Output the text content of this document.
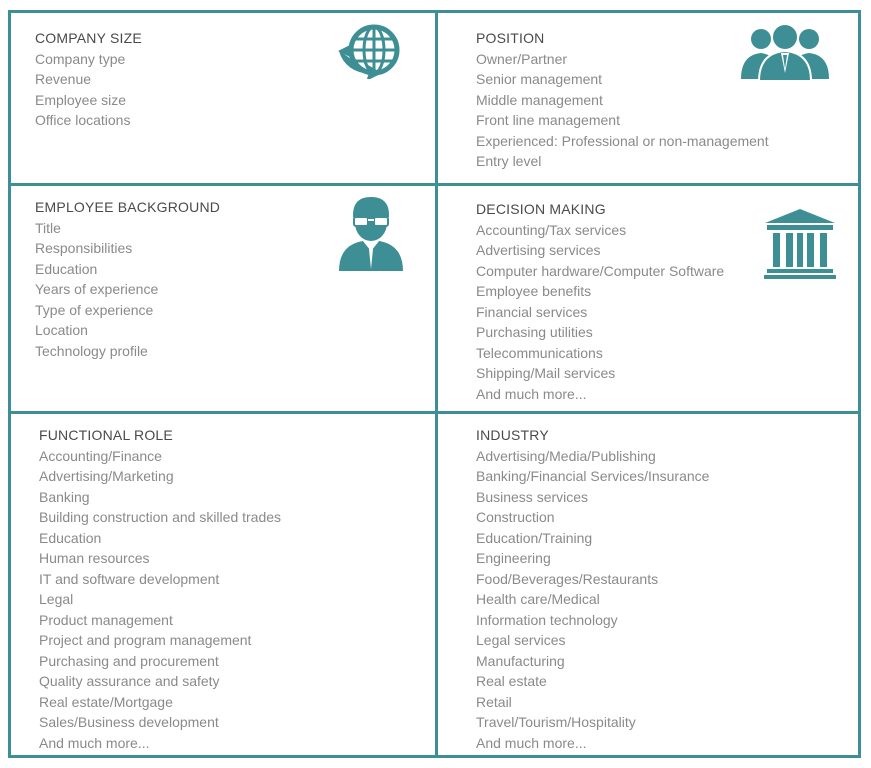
COMPANY SIZE
Company type
Revenue
Employee size
Office locations
POSITION
Owner/Partner
Senior management
Middle management
Front line management
Experienced: Professional or non-management
Entry level
EMPLOYEE BACKGROUND
Title
Responsibilities
Education
Years of experience
Type of experience
Location
Technology profile
DECISION MAKING
Accounting/Tax services
Advertising services
Computer hardware/Computer Software
Employee benefits
Financial services
Purchasing utilities
Telecommunications
Shipping/Mail services
And much more...
FUNCTIONAL ROLE
Accounting/Finance
Advertising/Marketing
Banking
Building construction and skilled trades
Education
Human resources
IT and software development
Legal
Product management
Project and program management
Purchasing and procurement
Quality assurance and safety
Real estate/Mortgage
Sales/Business development
And much more...
INDUSTRY
Advertising/Media/Publishing
Banking/Financial Services/Insurance
Business services
Construction
Education/Training
Engineering
Food/Beverages/Restaurants
Health care/Medical
Information technology
Legal services
Manufacturing
Real estate
Retail
Travel/Tourism/Hospitality
And much more...
